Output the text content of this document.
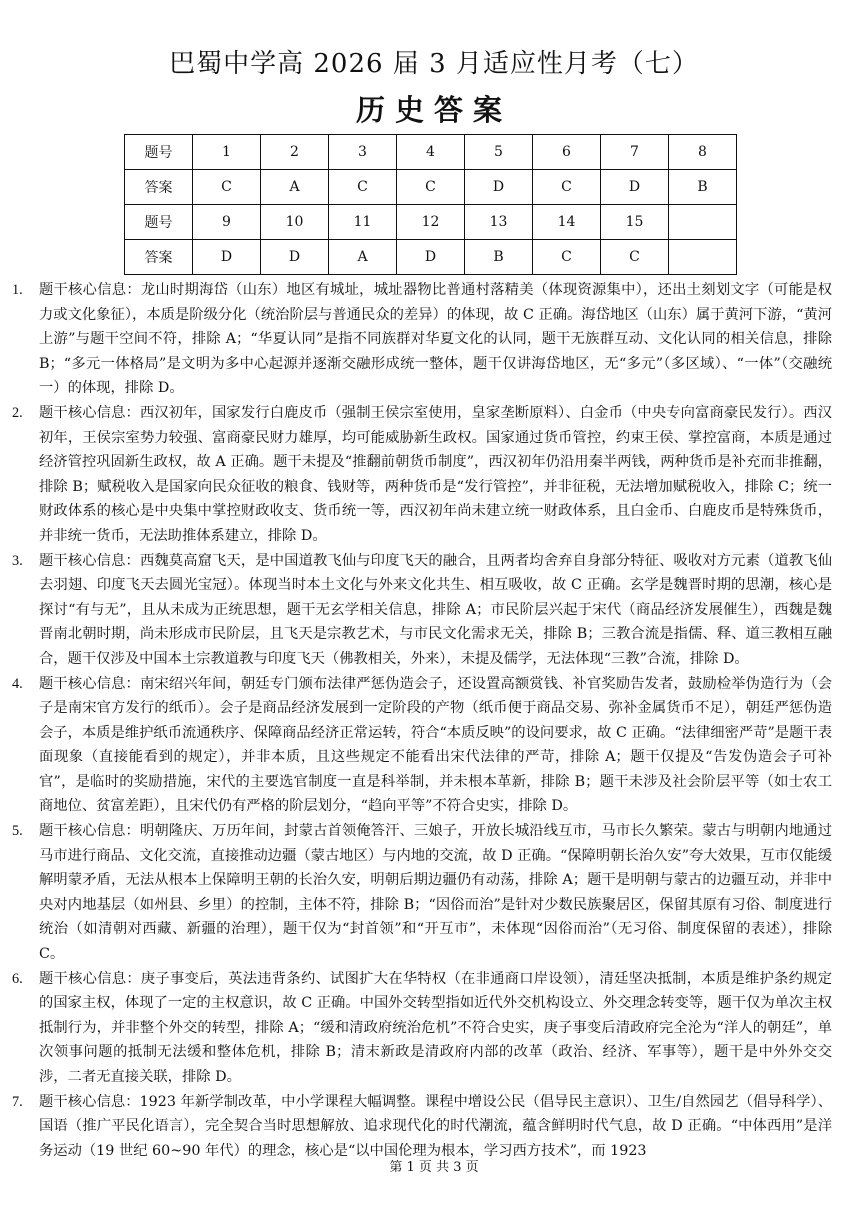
巴蜀中学高 2026 届 3 月适应性月考（七）
历史答案
题号	1	2	3	4	5	6	7	8
答案	C	A	C	C	D	C	D	B
题号	9	10	11	12	13	14	15	
答案	D	D	A	D	B	C	C	
1.	题干核心信息：龙山时期海岱（山东）地区有城址，城址器物比普通村落精美（体现资源集中），还出土刻划文字（可能是权力或文化象征），本质是阶级分化（统治阶层与普通民众的差异）的体现，故 C 正确。海岱地区（山东）属于黄河下游，“黄河上游”与题干空间不符，排除 A；“华夏认同”是指不同族群对华夏文化的认同，题干无族群互动、文化认同的相关信息，排除 B；“多元一体格局”是文明为多中心起源并逐渐交融形成统一整体，题干仅讲海岱地区，无“多元”（多区域）、“一体”（交融统一）的体现，排除 D。
2.	题干核心信息：西汉初年，国家发行白鹿皮币（强制王侯宗室使用，皇家垄断原料）、白金币（中央专向富商豪民发行）。西汉初年，王侯宗室势力较强、富商豪民财力雄厚，均可能威胁新生政权。国家通过货币管控，约束王侯、掌控富商，本质是通过经济管控巩固新生政权，故 A 正确。题干未提及“推翻前朝货币制度”，西汉初年仍沿用秦半两钱，两种货币是补充而非推翻，排除 B；赋税收入是国家向民众征收的粮食、钱财等，两种货币是“发行管控”，并非征税，无法增加赋税收入，排除 C；统一财政体系的核心是中央集中掌控财政收支、货币统一等，西汉初年尚未建立统一财政体系，且白金币、白鹿皮币是特殊货币，并非统一货币，无法助推体系建立，排除 D。
3.	题干核心信息：西魏莫高窟飞天，是中国道教飞仙与印度飞天的融合，且两者均舍弃自身部分特征、吸收对方元素（道教飞仙去羽翅、印度飞天去圆光宝冠）。体现当时本土文化与外来文化共生、相互吸收，故 C 正确。玄学是魏晋时期的思潮，核心是探讨“有与无”，且从未成为正统思想，题干无玄学相关信息，排除 A；市民阶层兴起于宋代（商品经济发展催生），西魏是魏晋南北朝时期，尚未形成市民阶层，且飞天是宗教艺术，与市民文化需求无关，排除 B；三教合流是指儒、释、道三教相互融合，题干仅涉及中国本土宗教道教与印度飞天（佛教相关，外来），未提及儒学，无法体现“三教”合流，排除 D。
4.	题干核心信息：南宋绍兴年间，朝廷专门颁布法律严惩伪造会子，还设置高额赏钱、补官奖励告发者，鼓励检举伪造行为（会子是南宋官方发行的纸币）。会子是商品经济发展到一定阶段的产物（纸币便于商品交易、弥补金属货币不足），朝廷严惩伪造会子，本质是维护纸币流通秩序、保障商品经济正常运转，符合“本质反映”的设问要求，故 C 正确。“法律细密严苛”是题干表面现象（直接能看到的规定），并非本质，且这些规定不能看出宋代法律的严苛，排除 A；题干仅提及“告发伪造会子可补官”，是临时的奖励措施，宋代的主要选官制度一直是科举制，并未根本革新，排除 B；题干未涉及社会阶层平等（如士农工商地位、贫富差距），且宋代仍有严格的阶层划分，“趋向平等”不符合史实，排除 D。
5.	题干核心信息：明朝隆庆、万历年间，封蒙古首领俺答汗、三娘子，开放长城沿线互市，马市长久繁荣。蒙古与明朝内地通过马市进行商品、文化交流，直接推动边疆（蒙古地区）与内地的交流，故 D 正确。“保障明朝长治久安”夸大效果，互市仅能缓解明蒙矛盾，无法从根本上保障明王朝的长治久安，明朝后期边疆仍有动荡，排除 A；题干是明朝与蒙古的边疆互动，并非中央对内地基层（如州县、乡里）的控制，主体不符，排除 B；“因俗而治”是针对少数民族聚居区，保留其原有习俗、制度进行统治（如清朝对西藏、新疆的治理），题干仅为“封首领”和“开互市”，未体现“因俗而治”（无习俗、制度保留的表述），排除 C。
6.	题干核心信息：庚子事变后，英法违背条约、试图扩大在华特权（在非通商口岸设领），清廷坚决抵制，本质是维护条约规定的国家主权，体现了一定的主权意识，故 C 正确。中国外交转型指如近代外交机构设立、外交理念转变等，题干仅为单次主权抵制行为，并非整个外交的转型，排除 A；“缓和清政府统治危机”不符合史实，庚子事变后清政府完全沦为“洋人的朝廷”，单次领事问题的抵制无法缓和整体危机，排除 B；清末新政是清政府内部的改革（政治、经济、军事等），题干是中外外交交涉，二者无直接关联，排除 D。
7.	题干核心信息：1923 年新学制改革，中小学课程大幅调整。课程中增设公民（倡导民主意识）、卫生/自然园艺（倡导科学）、国语（推广平民化语言），完全契合当时思想解放、追求现代化的时代潮流，蕴含鲜明时代气息，故 D 正确。“中体西用”是洋务运动（19 世纪 60~90 年代）的理念，核心是“以中国伦理为根本，学习西方技术”，而 1923
第 1 页 共 3 页
